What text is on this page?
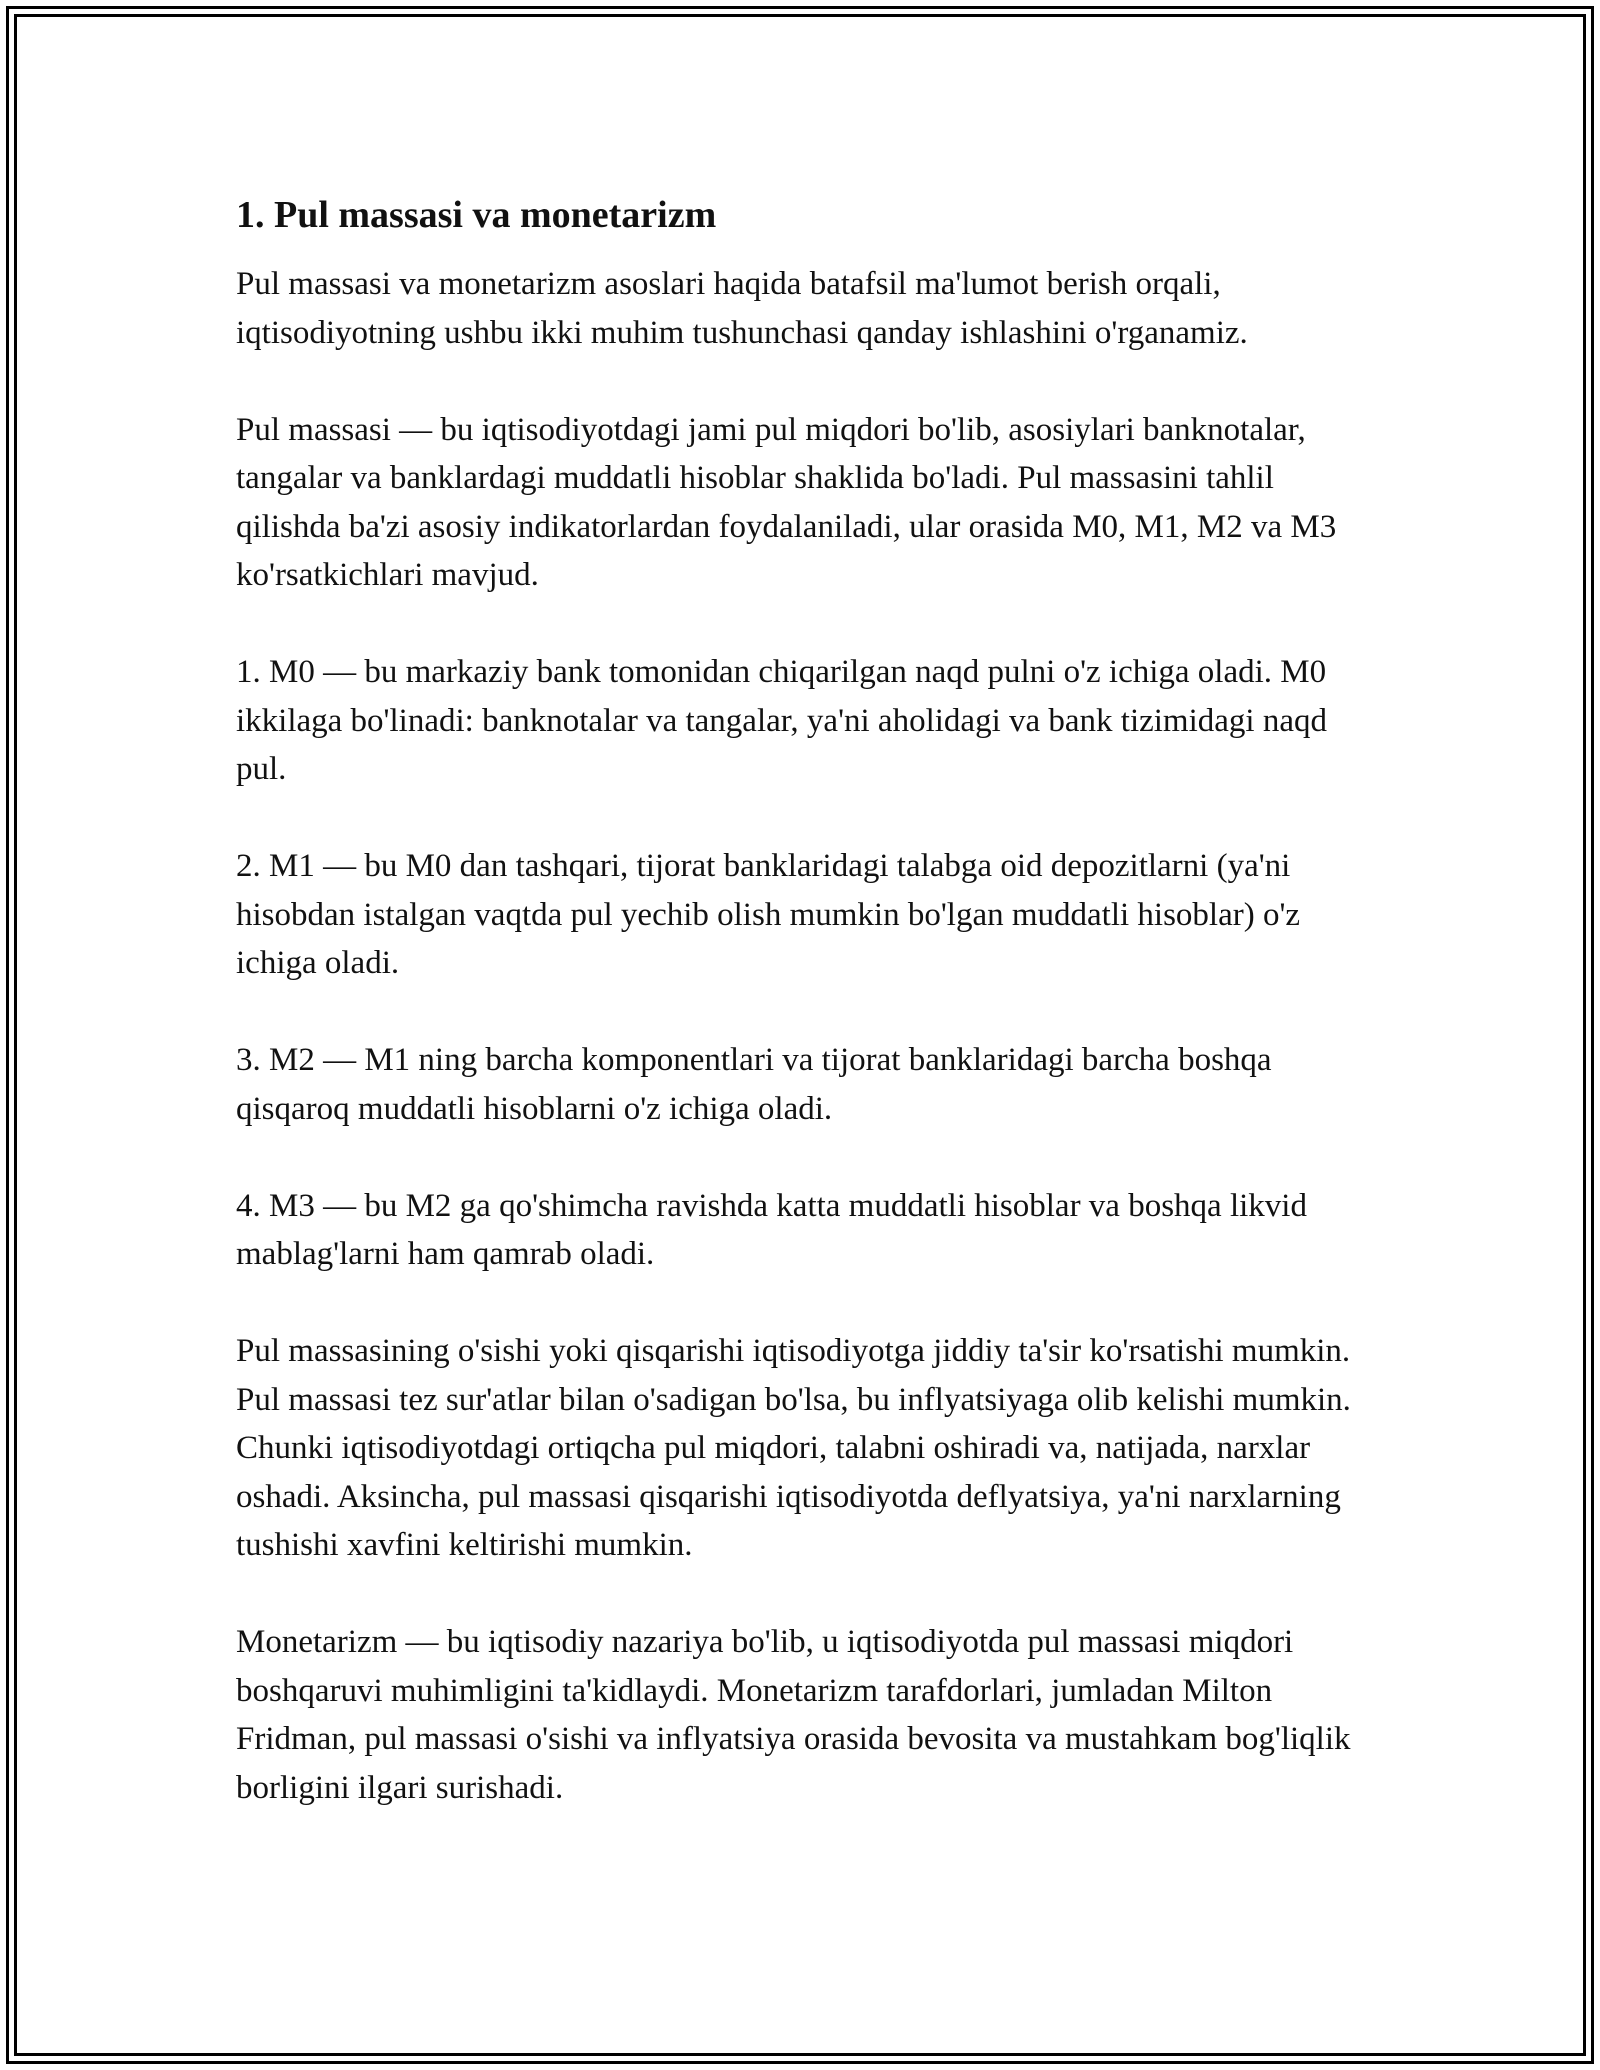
1. Pul massasi va monetarizm

Pul massasi va monetarizm asoslari haqida batafsil ma'lumot berish orqali, iqtisodiyotning ushbu ikki muhim tushunchasi qanday ishlashini o'rganamiz.

Pul massasi — bu iqtisodiyotdagi jami pul miqdori bo'lib, asosiylari banknotalar, tangalar va banklardagi muddatli hisoblar shaklida bo'ladi. Pul massasini tahlil qilishda ba'zi asosiy indikatorlardan foydalaniladi, ular orasida M0, M1, M2 va M3 ko'rsatkichlari mavjud.

1. M0 — bu markaziy bank tomonidan chiqarilgan naqd pulni o'z ichiga oladi. M0 ikkilaga bo'linadi: banknotalar va tangalar, ya'ni aholidagi va bank tizimidagi naqd pul.

2. M1 — bu M0 dan tashqari, tijorat banklaridagi talabga oid depozitlarni (ya'ni hisobdan istalgan vaqtda pul yechib olish mumkin bo'lgan muddatli hisoblar) o'z ichiga oladi.

3. M2 — M1 ning barcha komponentlari va tijorat banklaridagi barcha boshqa qisqaroq muddatli hisoblarni o'z ichiga oladi.

4. M3 — bu M2 ga qo'shimcha ravishda katta muddatli hisoblar va boshqa likvid mablag'larni ham qamrab oladi.

Pul massasining o'sishi yoki qisqarishi iqtisodiyotga jiddiy ta'sir ko'rsatishi mumkin. Pul massasi tez sur'atlar bilan o'sadigan bo'lsa, bu inflyatsiyaga olib kelishi mumkin. Chunki iqtisodiyotdagi ortiqcha pul miqdori, talabni oshiradi va, natijada, narxlar oshadi. Aksincha, pul massasi qisqarishi iqtisodiyotda deflyatsiya, ya'ni narxlarning tushishi xavfini keltirishi mumkin.

Monetarizm — bu iqtisodiy nazariya bo'lib, u iqtisodiyotda pul massasi miqdori boshqaruvi muhimligini ta'kidlaydi. Monetarizm tarafdorlari, jumladan Milton Fridman, pul massasi o'sishi va inflyatsiya orasida bevosita va mustahkam bog'liqlik borligini ilgari surishadi.
